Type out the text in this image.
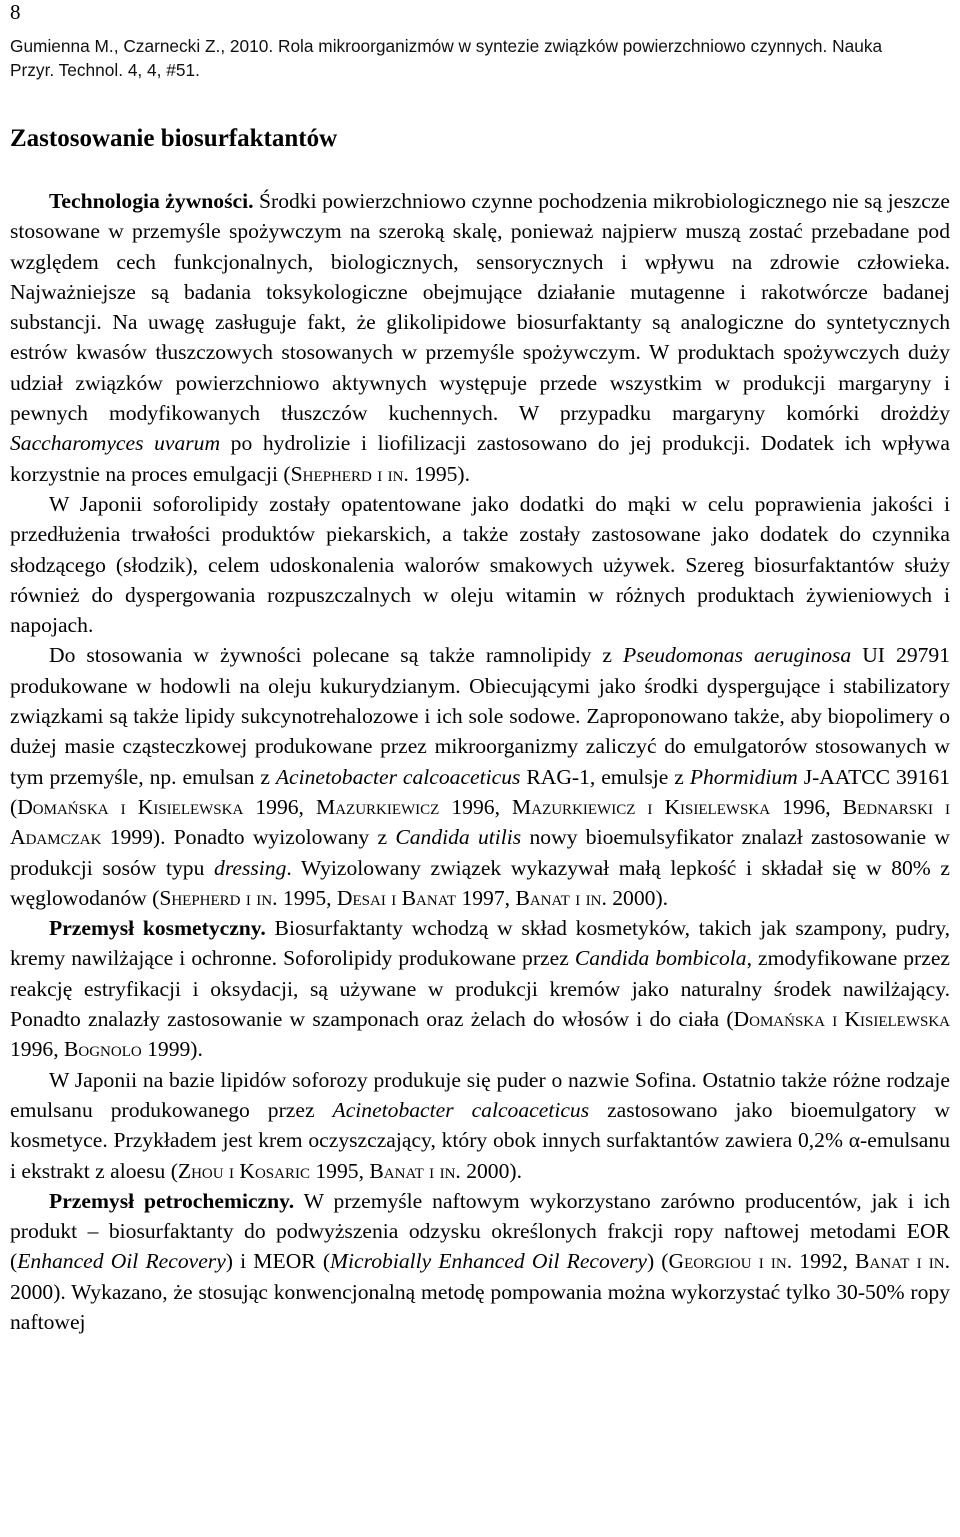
8
Gumienna M., Czarnecki Z., 2010. Rola mikroorganizmów w syntezie związków powierzchniowo czynnych. Nauka
Przyr. Technol. 4, 4, #51.
Zastosowanie biosurfaktantów

Technologia żywności. Środki powierzchniowo czynne pochodzenia mikrobiologicznego nie są jeszcze stosowane w przemyśle spożywczym na szeroką skalę, ponieważ najpierw muszą zostać przebadane pod względem cech funkcjonalnych, biologicznych, sensorycznych i wpływu na zdrowie człowieka. Najważniejsze są badania toksykologiczne obejmujące działanie mutagenne i rakotwórcze badanej substancji. Na uwagę zasługuje fakt, że glikolipidowe biosurfaktanty są analogiczne do syntetycznych estrów kwasów tłuszczowych stosowanych w przemyśle spożywczym. W produktach spożywczych duży udział związków powierzchniowo aktywnych występuje przede wszystkim w produkcji margaryny i pewnych modyfikowanych tłuszczów kuchennych. W przypadku margaryny komórki drożdży Saccharomyces uvarum po hydrolizie i liofilizacji zastosowano do jej produkcji. Dodatek ich wpływa korzystnie na proces emulgacji (Shepherd i in. 1995).

W Japonii soforolipidy zostały opatentowane jako dodatki do mąki w celu poprawienia jakości i przedłużenia trwałości produktów piekarskich, a także zostały zastosowane jako dodatek do czynnika słodzącego (słodzik), celem udoskonalenia walorów smakowych używek. Szereg biosurfaktantów służy również do dyspergowania rozpuszczalnych w oleju witamin w różnych produktach żywieniowych i napojach.

Do stosowania w żywności polecane są także ramnolipidy z Pseudomonas aeruginosa UI 29791 produkowane w hodowli na oleju kukurydzianym. Obiecującymi jako środki dyspergujące i stabilizatory związkami są także lipidy sukcynotrehalozowe i ich sole sodowe. Zaproponowano także, aby biopolimery o dużej masie cząsteczkowej produkowane przez mikroorganizmy zaliczyć do emulgatorów stosowanych w tym przemyśle, np. emulsan z Acinetobacter calcoaceticus RAG-1, emulsje z Phormidium J-AATCC 39161 (Domańska i Kisielewska 1996, Mazurkiewicz 1996, Mazurkiewicz i Kisielewska 1996, Bednarski i Adamczak 1999). Ponadto wyizolowany z Candida utilis nowy bioemulsyfikator znalazł zastosowanie w produkcji sosów typu dressing. Wyizolowany związek wykazywał małą lepkość i składał się w 80% z węglowodanów (Shepherd i in. 1995, Desai i Banat 1997, Banat i in. 2000).

Przemysł kosmetyczny. Biosurfaktanty wchodzą w skład kosmetyków, takich jak szampony, pudry, kremy nawilżające i ochronne. Soforolipidy produkowane przez Candida bombicola, zmodyfikowane przez reakcję estryfikacji i oksydacji, są używane w produkcji kremów jako naturalny środek nawilżający. Ponadto znalazły zastosowanie w szamponach oraz żelach do włosów i do ciała (Domańska i Kisielewska 1996, Bognolo 1999).

W Japonii na bazie lipidów soforozy produkuje się puder o nazwie Sofina. Ostatnio także różne rodzaje emulsanu produkowanego przez Acinetobacter calcoaceticus zastosowano jako bioemulgatory w kosmetyce. Przykładem jest krem oczyszczający, który obok innych surfaktantów zawiera 0,2% α-emulsanu i ekstrakt z aloesu (Zhou i Kosaric 1995, Banat i in. 2000).

Przemysł petrochemiczny. W przemyśle naftowym wykorzystano zarówno producentów, jak i ich produkt – biosurfaktanty do podwyższenia odzysku określonych frakcji ropy naftowej metodami EOR (Enhanced Oil Recovery) i MEOR (Microbially Enhanced Oil Recovery) (Georgiou i in. 1992, Banat i in. 2000). Wykazano, że stosując konwencjonalną metodę pompowania można wykorzystać tylko 30-50% ropy naftowej
